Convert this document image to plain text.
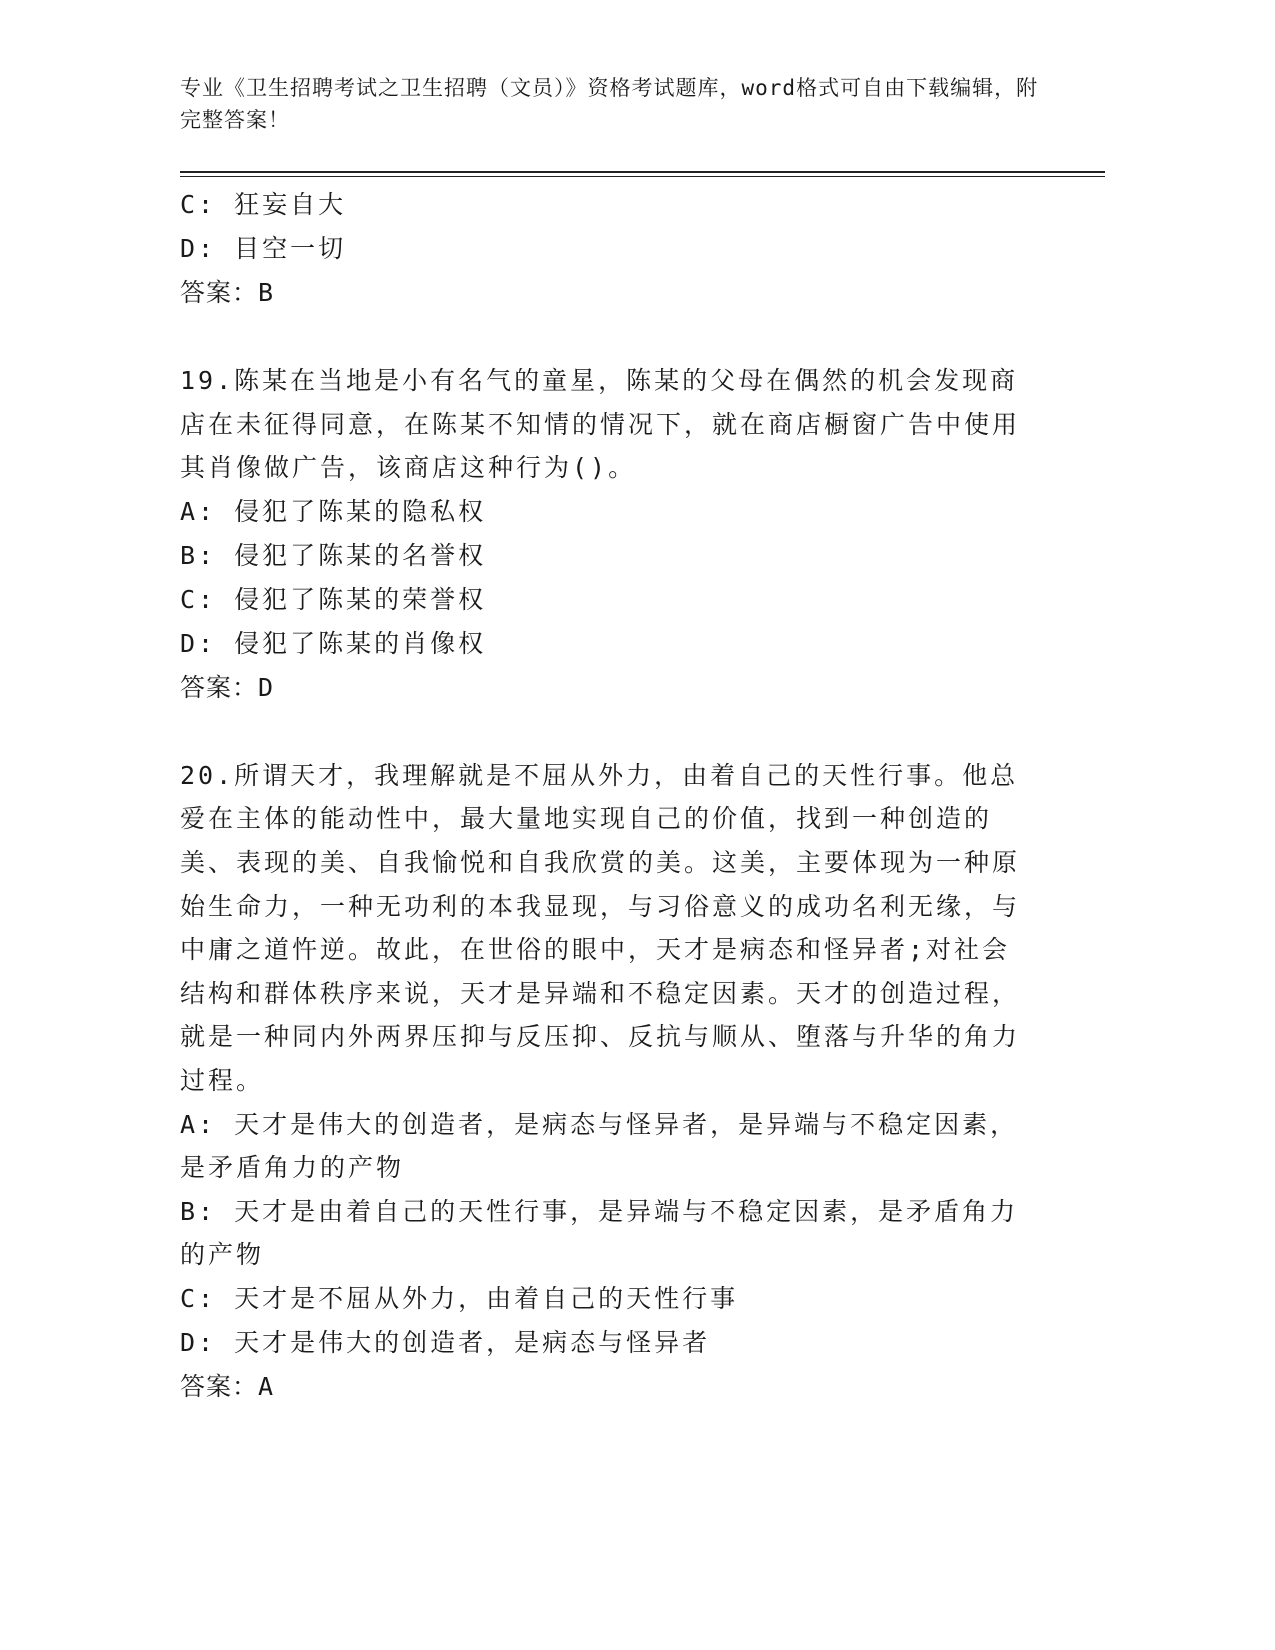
专业《卫生招聘考试之卫生招聘（文员）》资格考试题库，word格式可自由下载编辑，附完整答案！

C: 狂妄自大

D: 目空一切

答案：B

19.陈某在当地是小有名气的童星，陈某的父母在偶然的机会发现商店在未征得同意，在陈某不知情的情况下，就在商店橱窗广告中使用其肖像做广告，该商店这种行为()。

A: 侵犯了陈某的隐私权

B: 侵犯了陈某的名誉权

C: 侵犯了陈某的荣誉权

D: 侵犯了陈某的肖像权

答案：D

20.所谓天才，我理解就是不屈从外力，由着自己的天性行事。他总爱在主体的能动性中，最大量地实现自己的价值，找到一种创造的美、表现的美、自我愉悦和自我欣赏的美。这美，主要体现为一种原始生命力，一种无功利的本我显现，与习俗意义的成功名利无缘，与中庸之道忤逆。故此，在世俗的眼中，天才是病态和怪异者;对社会结构和群体秩序来说，天才是异端和不稳定因素。天才的创造过程，就是一种同内外两界压抑与反压抑、反抗与顺从、堕落与升华的角力过程。

A: 天才是伟大的创造者，是病态与怪异者，是异端与不稳定因素，是矛盾角力的产物

B: 天才是由着自己的天性行事，是异端与不稳定因素，是矛盾角力的产物

C: 天才是不屈从外力，由着自己的天性行事

D: 天才是伟大的创造者，是病态与怪异者

答案：A
